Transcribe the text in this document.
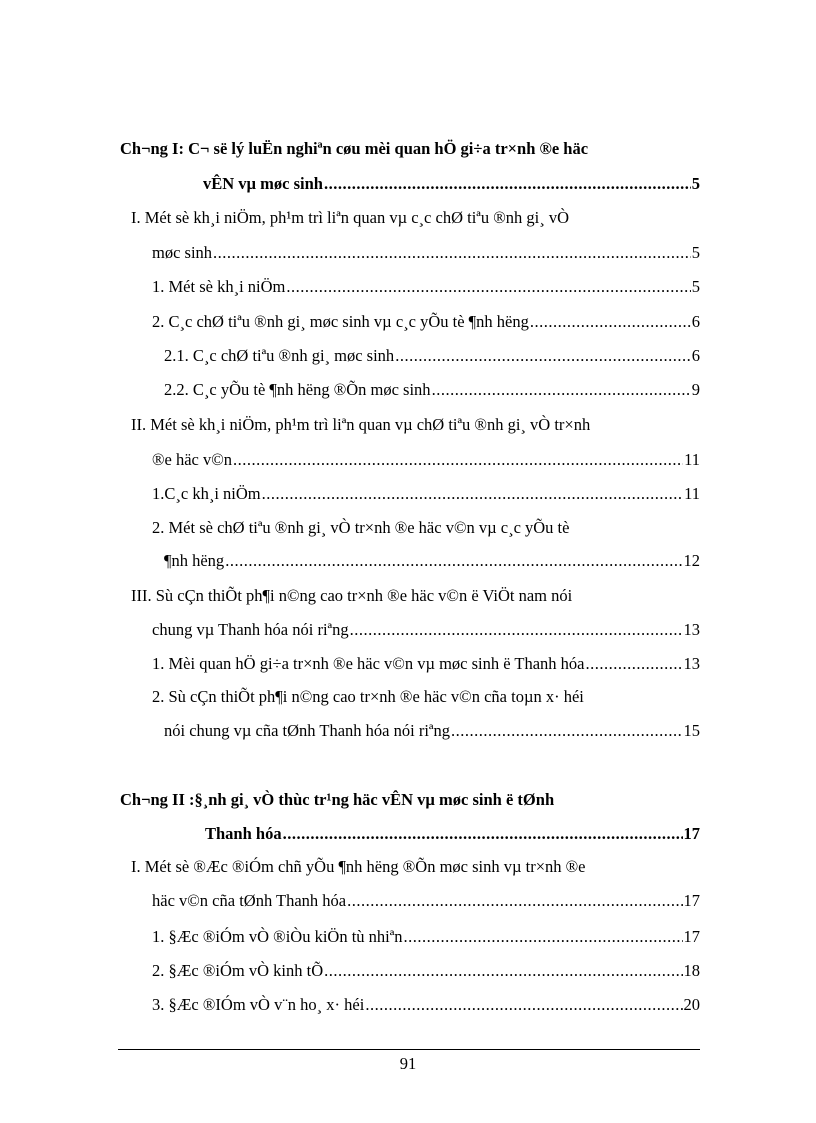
Ch¬ng I: C¬ së lý luËn nghiªn cøu mèi quan hÖ gi÷a tr×nh ®e häc
vÊN vµ møc sinh .....	5
I. Mét sè kh¸i niÖm, ph¹m trì liªn quan vµ c¸c chØ tiªu ®nh gi¸ vÒ
møc sinh .....	5
1. Mét sè kh¸i niÖm .....	5
2. C¸c chØ tiªu ®nh gi¸ møc sinh vµ c¸c yÕu tè ¶nh hëng .....	6
2.1. C¸c chØ tiªu ®nh gi¸ møc sinh .....	6
2.2. C¸c yÕu tè ¶nh hëng ®Õn møc sinh .....	9
II. Mét sè kh¸i niÖm, ph¹m trì liªn quan vµ chØ tiªu ®nh gi¸ vÒ tr×nh
®e häc v©n .....	11
1.C¸c kh¸i niÖm .....	11
2. Mét sè chØ tiªu ®nh gi¸ vÒ tr×nh ®e häc v©n vµ c¸c yÕu tè
¶nh hëng .....	12
III. Sù cÇn thiÕt ph¶i n©ng cao tr×nh ®e häc v©n ë ViÖt nam nói
chung vµ Thanh hóa nói riªng .....	13
1. Mèi quan hÖ gi÷a tr×nh ®e häc v©n vµ møc sinh ë Thanh hóa .....	13
2. Sù cÇn thiÕt ph¶i n©ng cao tr×nh ®e häc v©n cña toµn x· héi
nói chung vµ cña tØnh Thanh hóa nói riªng .....	15
Ch¬ng II :§¸nh gi¸ vÒ thùc tr¹ng häc vÊN vµ møc sinh ë tØnh
Thanh hóa .....	17
I. Mét sè ®Æc ®iÓm chñ yÕu ¶nh hëng ®Õn møc sinh vµ tr×nh ®e
häc v©n cña tØnh Thanh hóa .....	17
1. §Æc ®iÓm vÒ ®iÒu kiÖn tù nhiªn .....	17
2. §Æc ®iÓm vÒ kinh tÕ .....	18
3. §Æc ®IÓm vÒ v¨n ho¸ x· héi .....	20
91
